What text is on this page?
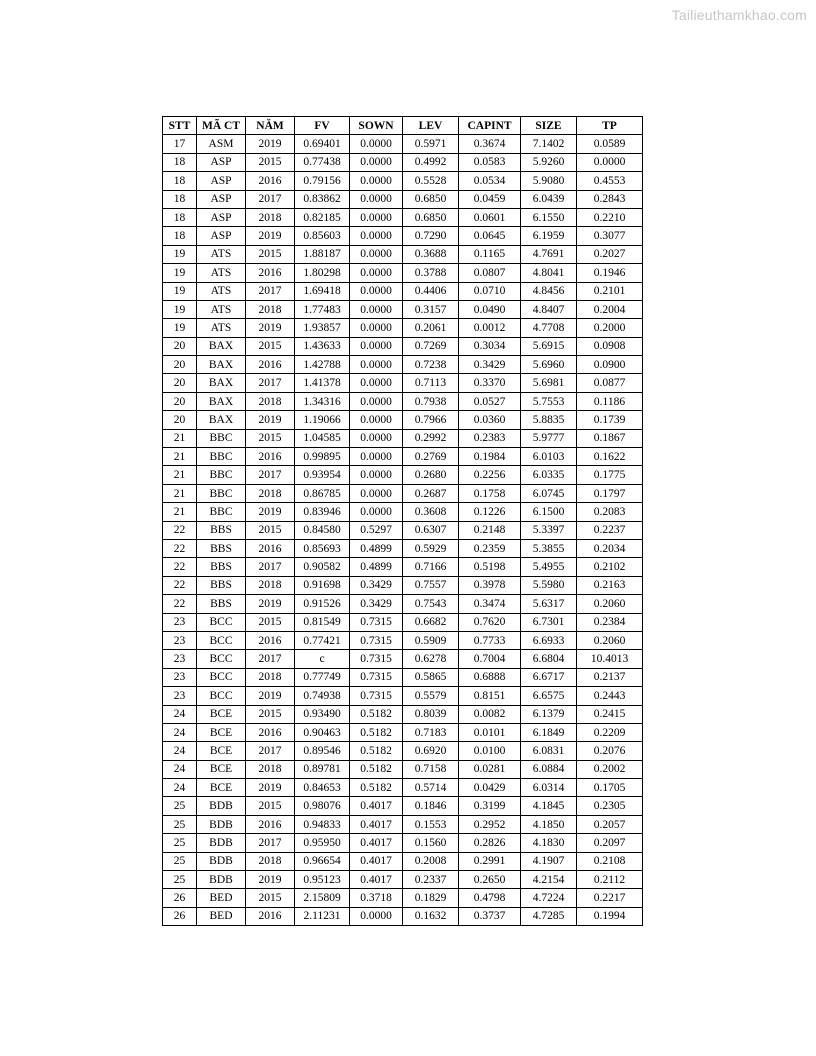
Tailieuthamkhao.com
STT	MÃ CT	NĂM	FV	SOWN	LEV	CAPINT	SIZE	TP
17	ASM	2019	0.69401	0.0000	0.5971	0.3674	7.1402	0.0589
18	ASP	2015	0.77438	0.0000	0.4992	0.0583	5.9260	0.0000
18	ASP	2016	0.79156	0.0000	0.5528	0.0534	5.9080	0.4553
18	ASP	2017	0.83862	0.0000	0.6850	0.0459	6.0439	0.2843
18	ASP	2018	0.82185	0.0000	0.6850	0.0601	6.1550	0.2210
18	ASP	2019	0.85603	0.0000	0.7290	0.0645	6.1959	0.3077
19	ATS	2015	1.88187	0.0000	0.3688	0.1165	4.7691	0.2027
19	ATS	2016	1.80298	0.0000	0.3788	0.0807	4.8041	0.1946
19	ATS	2017	1.69418	0.0000	0.4406	0.0710	4.8456	0.2101
19	ATS	2018	1.77483	0.0000	0.3157	0.0490	4.8407	0.2004
19	ATS	2019	1.93857	0.0000	0.2061	0.0012	4.7708	0.2000
20	BAX	2015	1.43633	0.0000	0.7269	0.3034	5.6915	0.0908
20	BAX	2016	1.42788	0.0000	0.7238	0.3429	5.6960	0.0900
20	BAX	2017	1.41378	0.0000	0.7113	0.3370	5.6981	0.0877
20	BAX	2018	1.34316	0.0000	0.7938	0.0527	5.7553	0.1186
20	BAX	2019	1.19066	0.0000	0.7966	0.0360	5.8835	0.1739
21	BBC	2015	1.04585	0.0000	0.2992	0.2383	5.9777	0.1867
21	BBC	2016	0.99895	0.0000	0.2769	0.1984	6.0103	0.1622
21	BBC	2017	0.93954	0.0000	0.2680	0.2256	6.0335	0.1775
21	BBC	2018	0.86785	0.0000	0.2687	0.1758	6.0745	0.1797
21	BBC	2019	0.83946	0.0000	0.3608	0.1226	6.1500	0.2083
22	BBS	2015	0.84580	0.5297	0.6307	0.2148	5.3397	0.2237
22	BBS	2016	0.85693	0.4899	0.5929	0.2359	5.3855	0.2034
22	BBS	2017	0.90582	0.4899	0.7166	0.5198	5.4955	0.2102
22	BBS	2018	0.91698	0.3429	0.7557	0.3978	5.5980	0.2163
22	BBS	2019	0.91526	0.3429	0.7543	0.3474	5.6317	0.2060
23	BCC	2015	0.81549	0.7315	0.6682	0.7620	6.7301	0.2384
23	BCC	2016	0.77421	0.7315	0.5909	0.7733	6.6933	0.2060
23	BCC	2017	c	0.7315	0.6278	0.7004	6.6804	10.4013
23	BCC	2018	0.77749	0.7315	0.5865	0.6888	6.6717	0.2137
23	BCC	2019	0.74938	0.7315	0.5579	0.8151	6.6575	0.2443
24	BCE	2015	0.93490	0.5182	0.8039	0.0082	6.1379	0.2415
24	BCE	2016	0.90463	0.5182	0.7183	0.0101	6.1849	0.2209
24	BCE	2017	0.89546	0.5182	0.6920	0.0100	6.0831	0.2076
24	BCE	2018	0.89781	0.5182	0.7158	0.0281	6.0884	0.2002
24	BCE	2019	0.84653	0.5182	0.5714	0.0429	6.0314	0.1705
25	BDB	2015	0.98076	0.4017	0.1846	0.3199	4.1845	0.2305
25	BDB	2016	0.94833	0.4017	0.1553	0.2952	4.1850	0.2057
25	BDB	2017	0.95950	0.4017	0.1560	0.2826	4.1830	0.2097
25	BDB	2018	0.96654	0.4017	0.2008	0.2991	4.1907	0.2108
25	BDB	2019	0.95123	0.4017	0.2337	0.2650	4.2154	0.2112
26	BED	2015	2.15809	0.3718	0.1829	0.4798	4.7224	0.2217
26	BED	2016	2.11231	0.0000	0.1632	0.3737	4.7285	0.1994
